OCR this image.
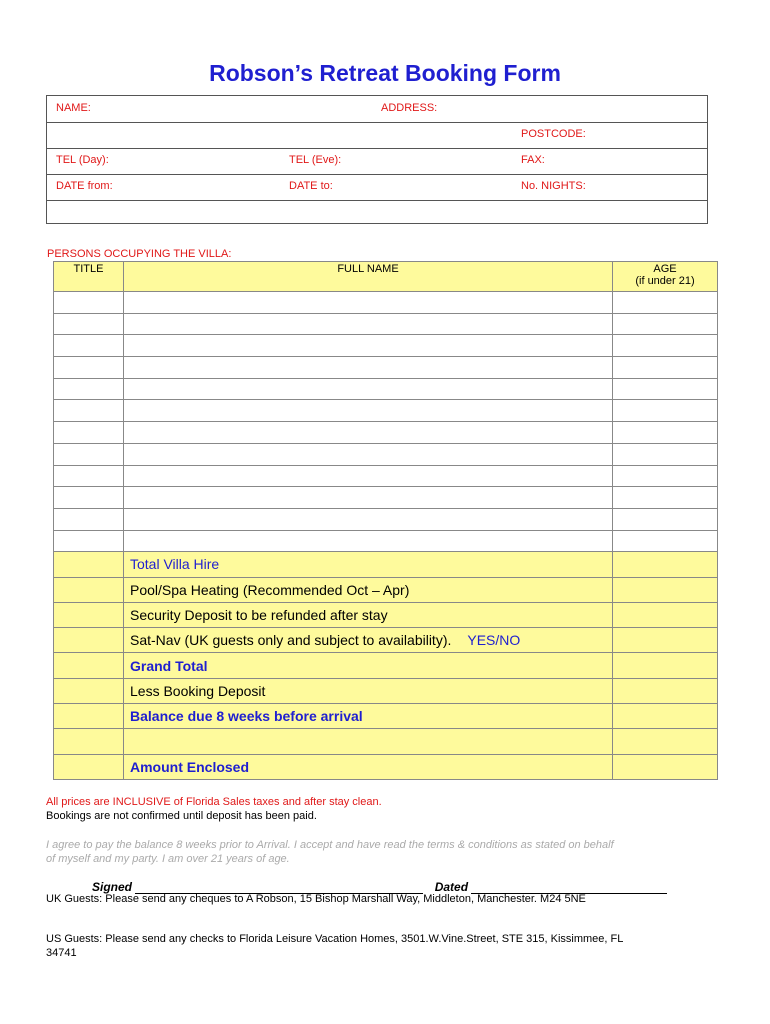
Robson’s Retreat Booking Form
NAME:	ADDRESS:
POSTCODE:
TEL (Day):	TEL (Eve):	FAX:
DATE from:	DATE to:	No. NIGHTS:
PERSONS OCCUPYING THE VILLA:
TITLE	FULL NAME	AGE
(if under 21)

	Total Villa Hire	
	Pool/Spa Heating (Recommended Oct – Apr)	
	Security Deposit to be refunded after stay	
	Sat-Nav (UK guests only and subject to availability). YES/NO	
	Grand Total	
	Less Booking Deposit	
	Balance due 8 weeks before arrival	

	Amount Enclosed	
All prices are INCLUSIVE of Florida Sales taxes and after stay clean.
Bookings are not confirmed until deposit has been paid.
I agree to pay the balance 8 weeks prior to Arrival. I accept and have read the terms & conditions as stated on behalf
of myself and my party. I am over 21 years of age.
Signed	Dated
UK Guests: Please send any cheques to A Robson, 15 Bishop Marshall Way, Middleton, Manchester. M24 5NE
US Guests: Please send any checks to Florida Leisure Vacation Homes, 3501.W.Vine.Street, STE 315, Kissimmee, FL
34741
